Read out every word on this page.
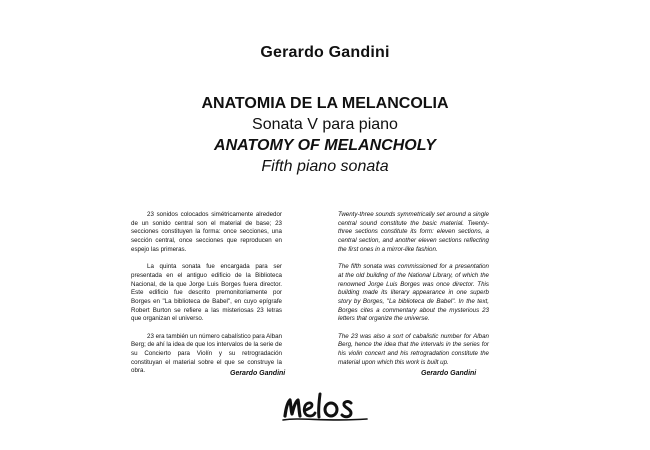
Gerardo Gandini

ANATOMIA DE LA MELANCOLIA

Sonata V para piano

ANATOMY OF MELANCHOLY

Fifth piano sonata

23 sonidos colocados simétricamente alrededor de un sonido central son el material de base; 23 secciones constituyen la forma: once secciones, una sección central, once secciones que reproducen en espejo las primeras.

La quinta sonata fue encargada para ser presentada en el antiguo edificio de la Biblioteca Nacional, de la que Jorge Luis Borges fuera director. Este edificio fue descrito premonitoriamente por Borges en "La biblioteca de Babel", en cuyo epígrafe Robert Burton se refiere a las misteriosas 23 letras que organizan el universo.

23 era también un número cabalístico para Alban Berg; de ahí la idea de que los intervalos de la serie de su Concierto para Violín y su retrogradación constituyan el material sobre el que se construye la obra.

Twenty-three sounds symmetrically set around a single central sound constitute the basic material. Twenty-three sections constitute its form: eleven sections, a central section, and another eleven sections reflecting the first ones in a mirror-like fashion.

The fifth sonata was commissioned for a presentation at the old building of the National Library, of which the renowned Jorge Luis Borges was once director. This building made its literary appearance in one superb story by Borges, "La biblioteca de Babel". In the text, Borges cites a commentary about the mysterious 23 letters that organize the universe.

The 23 was also a sort of cabalistic number for Alban Berg, hence the idea that the intervals in the series for his violin concert and his retrogradation constitute the material upon which this work is built up.

Gerardo Gandini	Gerardo Gandini
